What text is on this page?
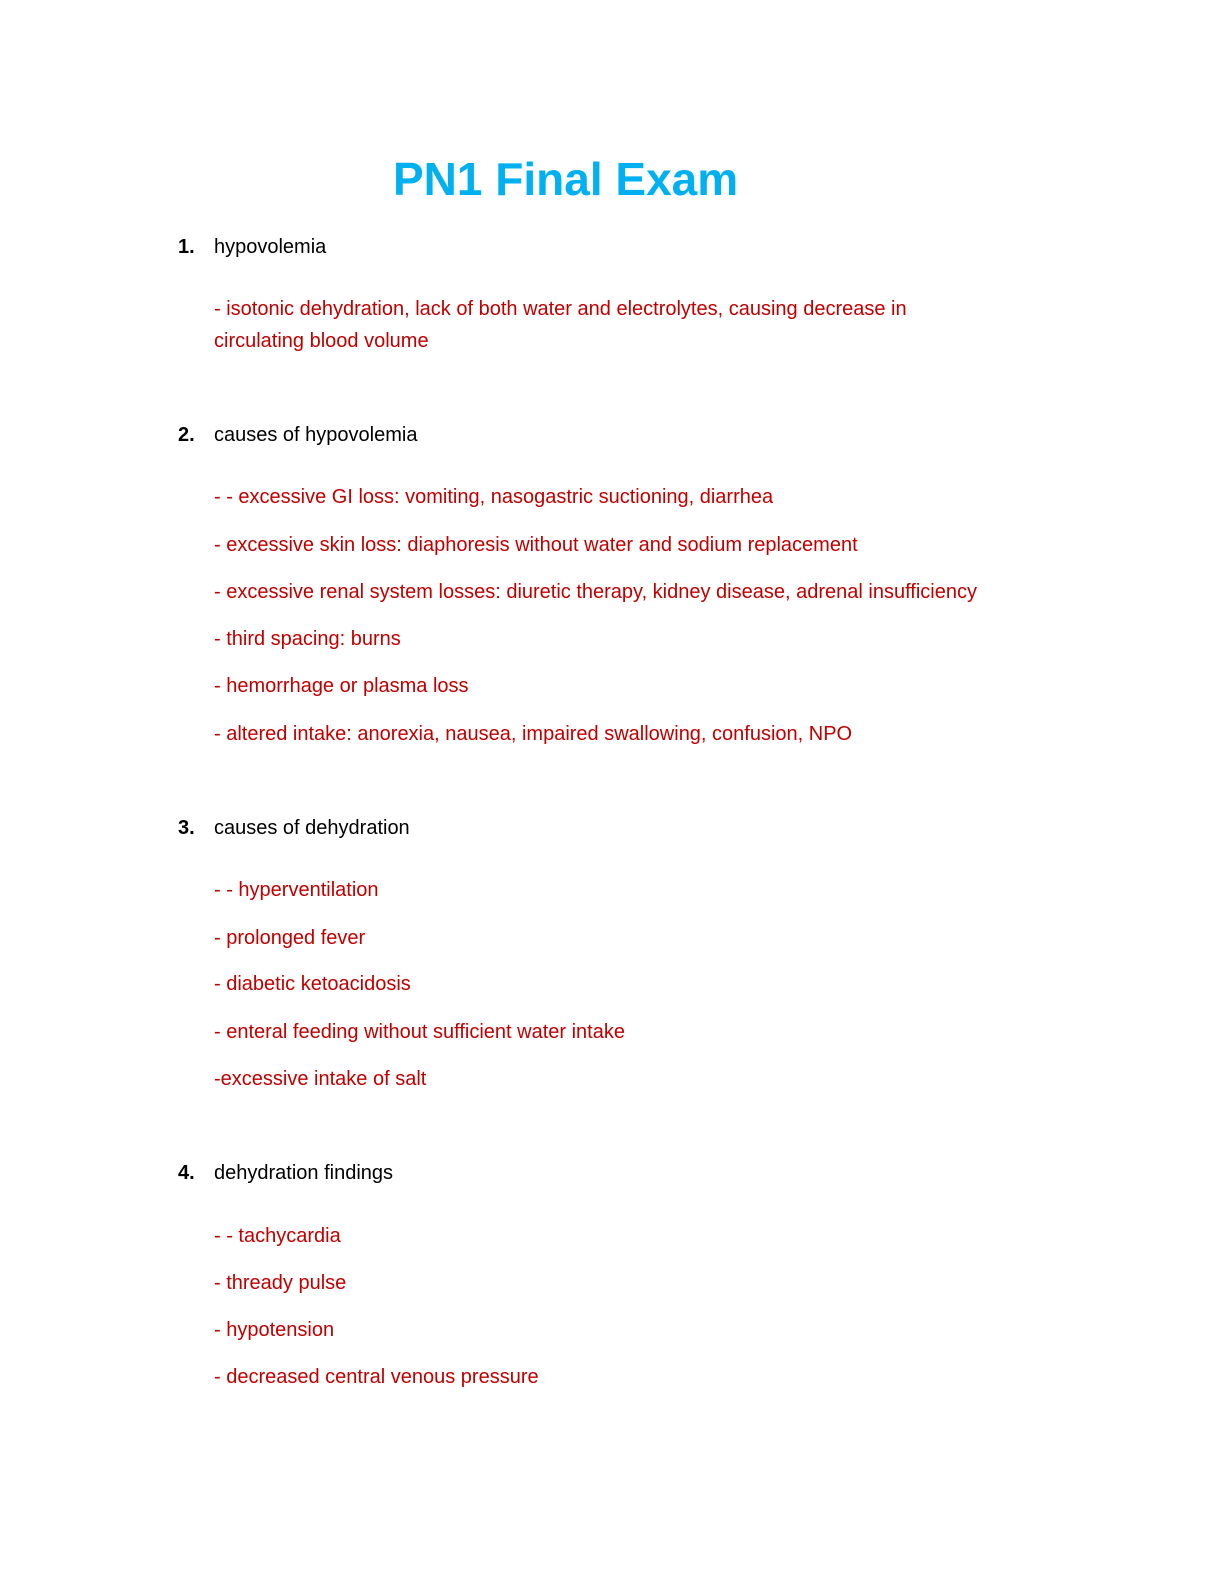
PN1 Final Exam
1. hypovolemia

- isotonic dehydration, lack of both water and electrolytes, causing decrease in circulating blood volume

2. causes of hypovolemia

- - excessive GI loss: vomiting, nasogastric suctioning, diarrhea

- excessive skin loss: diaphoresis without water and sodium replacement

- excessive renal system losses: diuretic therapy, kidney disease, adrenal insufficiency

- third spacing: burns

- hemorrhage or plasma loss

- altered intake: anorexia, nausea, impaired swallowing, confusion, NPO

3. causes of dehydration

- - hyperventilation

- prolonged fever

- diabetic ketoacidosis

- enteral feeding without sufficient water intake

-excessive intake of salt

4. dehydration findings

- - tachycardia

- thready pulse

- hypotension

- decreased central venous pressure
